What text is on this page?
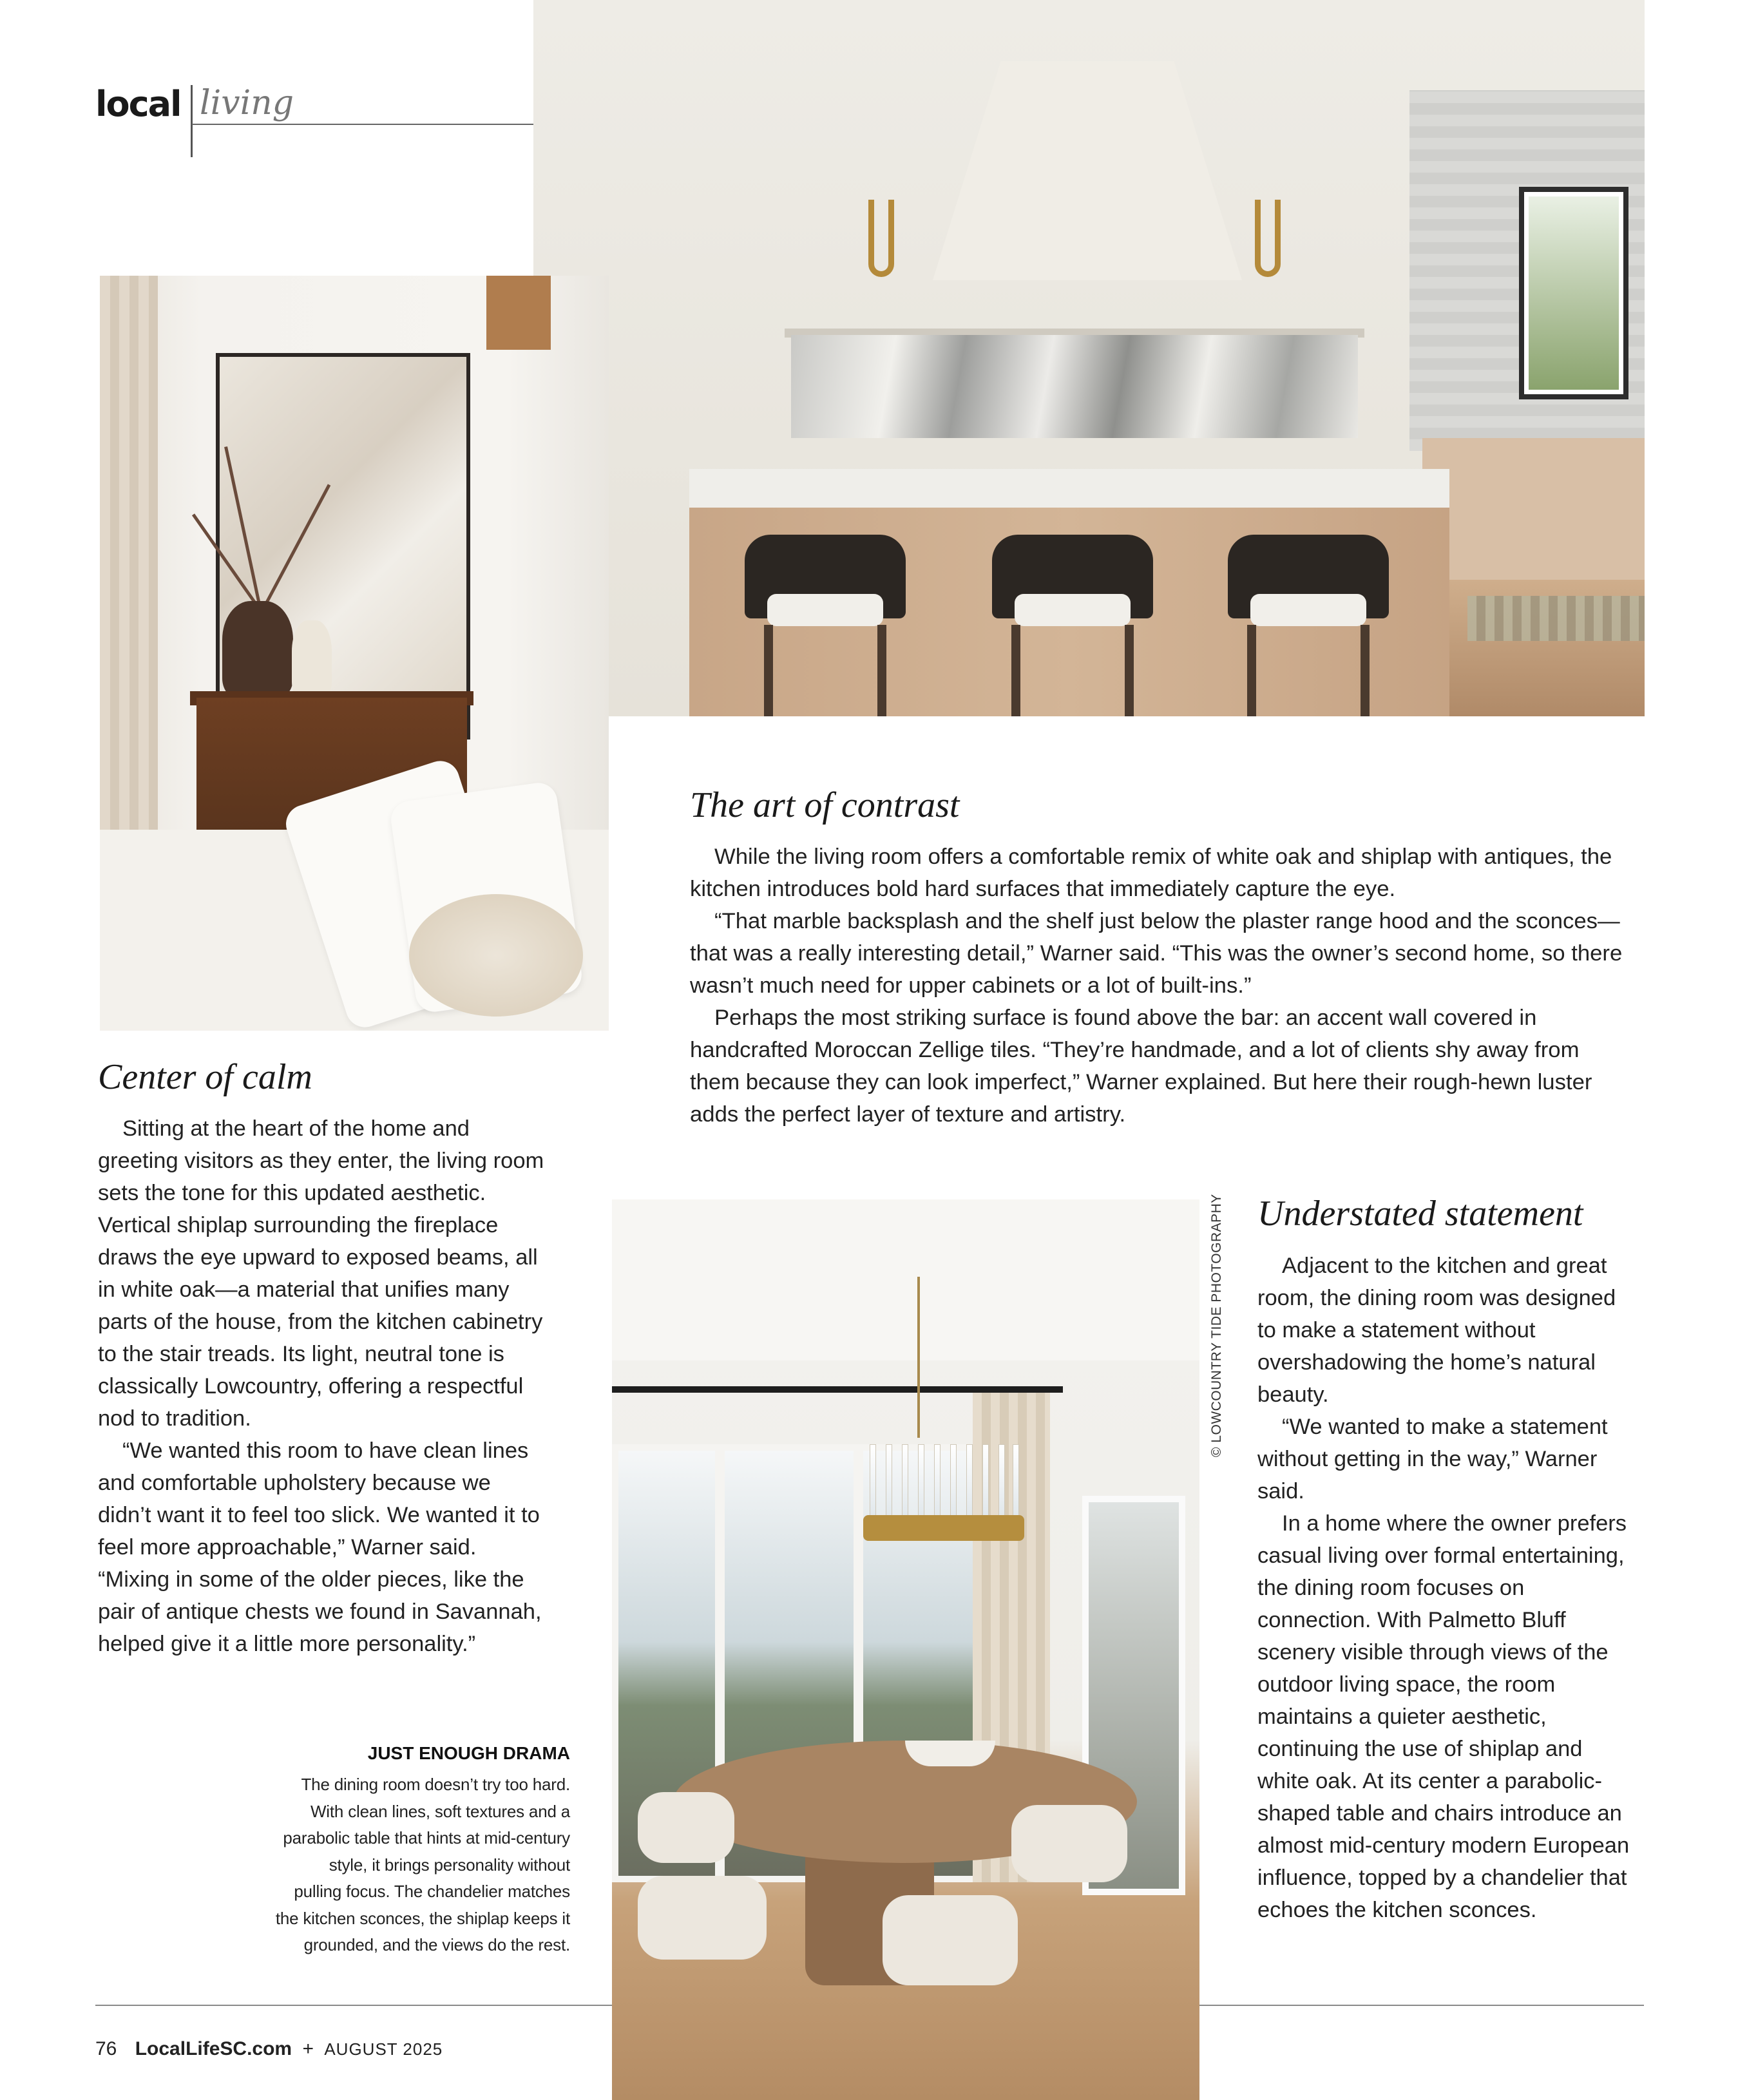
local living
© LOWCOUNTRY TIDE PHOTOGRAPHY
The art of contrast

While the living room offers a comfortable remix of white oak and shiplap with antiques, the kitchen introduces bold hard surfaces that immediately capture the eye.

“That marble backsplash and the shelf just below the plaster range hood and the sconces—that was a really interesting detail,” Warner said. “This was the owner’s second home, so there wasn’t much need for upper cabinets or a lot of built-ins.”

Perhaps the most striking surface is found above the bar: an accent wall covered in handcrafted Moroccan Zellige tiles. “They’re handmade, and a lot of clients shy away from them because they can look imperfect,” Warner explained. But here their rough-hewn luster adds the perfect layer of texture and artistry.

Center of calm

Sitting at the heart of the home and greeting visitors as they enter, the living room sets the tone for this updated aesthetic. Vertical shiplap surrounding the fireplace draws the eye upward to exposed beams, all in white oak—a material that unifies many parts of the house, from the kitchen cabinetry to the stair treads. Its light, neutral tone is classically Lowcountry, offering a respectful nod to tradition.

“We wanted this room to have clean lines and comfortable upholstery because we didn’t want it to feel too slick. We wanted it to feel more approachable,” Warner said. “Mixing in some of the older pieces, like the pair of antique chests we found in Savannah, helped give it a little more personality.”

JUST ENOUGH DRAMA
The dining room doesn’t try too hard.
With clean lines, soft textures and a
parabolic table that hints at mid-century
style, it brings personality without
pulling focus. The chandelier matches
the kitchen sconces, the shiplap keeps it
grounded, and the views do the rest.
Understated statement

Adjacent to the kitchen and great room, the dining room was designed to make a statement without overshadowing the home’s natural beauty.

“We wanted to make a statement without getting in the way,” Warner said.

In a home where the owner prefers casual living over formal entertaining, the dining room focuses on connection. With Palmetto Bluff scenery visible through views of the outdoor living space, the room maintains a quieter aesthetic, continuing the use of shiplap and white oak. At its center a parabolic-shaped table and chairs introduce an almost mid-century modern European influence, topped by a chandelier that echoes the kitchen sconces.

76 LocalLifeSC.com + AUGUST 2025
